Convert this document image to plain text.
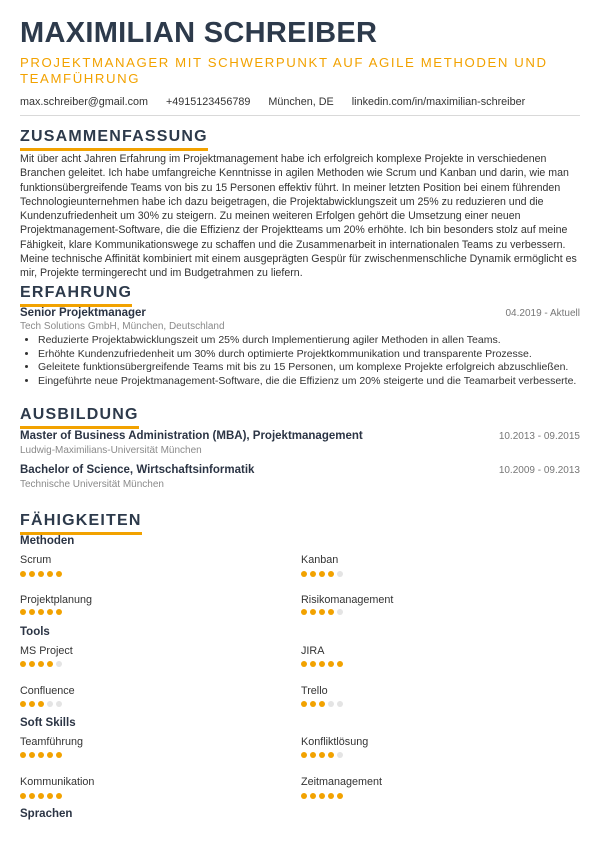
MAXIMILIAN SCHREIBER
PROJEKTMANAGER MIT SCHWERPUNKT AUF AGILE METHODEN UND TEAMFÜHRUNG
max.schreiber@gmail.com +4915123456789 München, DE linkedin.com/in/maximilian-schreiber
ZUSAMMENFASSUNG

Mit über acht Jahren Erfahrung im Projektmanagement habe ich erfolgreich komplexe Projekte in verschiedenen Branchen geleitet. Ich habe umfangreiche Kenntnisse in agilen Methoden wie Scrum und Kanban und darin, wie man funktionsübergreifende Teams von bis zu 15 Personen effektiv führt. In meiner letzten Position bei einem führenden Technologieunternehmen habe ich dazu beigetragen, die Projektabwicklungszeit um 25% zu reduzieren und die Kundenzufriedenheit um 30% zu steigern. Zu meinen weiteren Erfolgen gehört die Umsetzung einer neuen Projektmanagement-Software, die die Effizienz der Projektteams um 20% erhöhte. Ich bin besonders stolz auf meine Fähigkeit, klare Kommunikationswege zu schaffen und die Zusammenarbeit in internationalen Teams zu verbessern. Meine technische Affinität kombiniert mit einem ausgeprägten Gespür für zwischenmenschliche Dynamik ermöglicht es mir, Projekte termingerecht und im Budgetrahmen zu liefern.

ERFAHRUNG
Senior Projektmanager	04.2019 - Aktuell
Tech Solutions GmbH, München, Deutschland
• Reduzierte Projektabwicklungszeit um 25% durch Implementierung agiler Methoden in allen Teams.
• Erhöhte Kundenzufriedenheit um 30% durch optimierte Projektkommunikation und transparente Prozesse.
• Geleitete funktionsübergreifende Teams mit bis zu 15 Personen, um komplexe Projekte erfolgreich abzuschließen.
• Eingeführte neue Projektmanagement-Software, die die Effizienz um 20% steigerte und die Teamarbeit verbesserte.
AUSBILDUNG
Master of Business Administration (MBA), Projektmanagement	10.2013 - 09.2015
Ludwig-Maximilians-Universität München
Bachelor of Science, Wirtschaftsinformatik	10.2009 - 09.2013
Technische Universität München
FÄHIGKEITEN
Methoden
Scrum	Kanban
Projektplanung	Risikomanagement
Tools
MS Project	JIRA
Confluence	Trello
Soft Skills
Teamführung	Konfliktlösung
Kommunikation	Zeitmanagement
Sprachen
